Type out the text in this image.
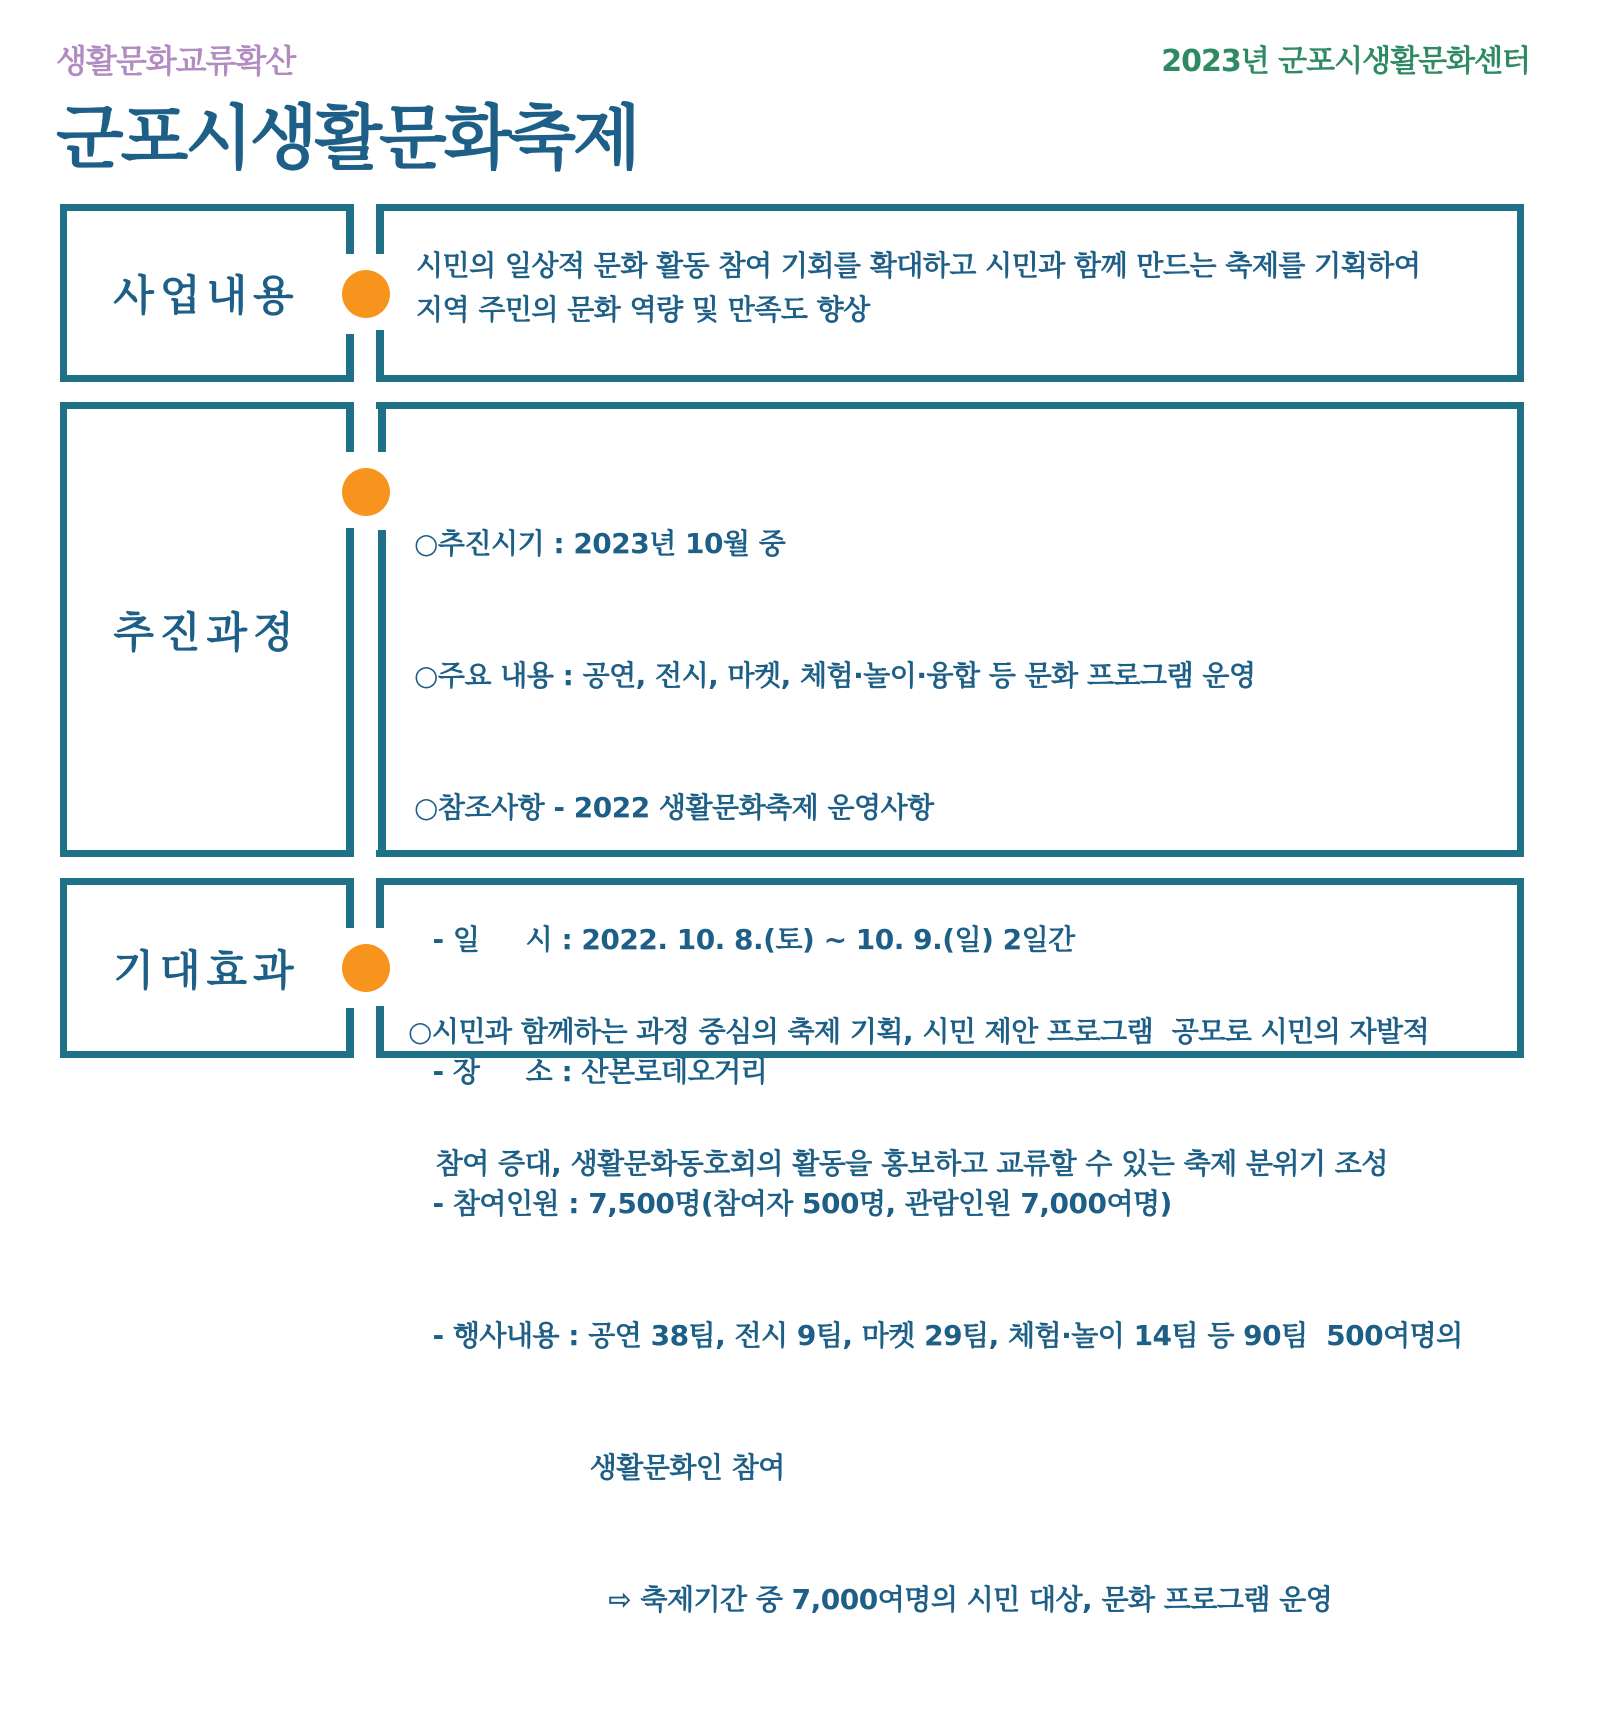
생활문화교류확산
군포시생활문화축제
2023년 군포시생활문화센터
사업내용
시민의 일상적 문화 활동 참여 기회를 확대하고 시민과 함께 만드는 축제를 기획하여
지역 주민의 문화 역량 및 만족도 향상
추진과정

○추진시기 : 2023년 10월 중

○주요 내용 : 공연, 전시, 마켓, 체험·놀이·융합 등 문화 프로그램 운영

○참조사항 - 2022 생활문화축제 운영사항

- 일     시 : 2022. 10. 8.(토) ~ 10. 9.(일) 2일간

- 장     소 : 산본로데오거리

- 참여인원 : 7,500명(참여자 500명, 관람인원 7,000여명)

- 행사내용 : 공연 38팀, 전시 9팀, 마켓 29팀, 체험·놀이 14팀 등 90팀  500여명의

생활문화인 참여

⇨ 축제기간 중 7,000여명의 시민 대상, 문화 프로그램 운영

기대효과

○시민과 함께하는 과정 중심의 축제 기획, 시민 제안 프로그램  공모로 시민의 자발적

참여 증대, 생활문화동호회의 활동을 홍보하고 교류할 수 있는 축제 분위기 조성
